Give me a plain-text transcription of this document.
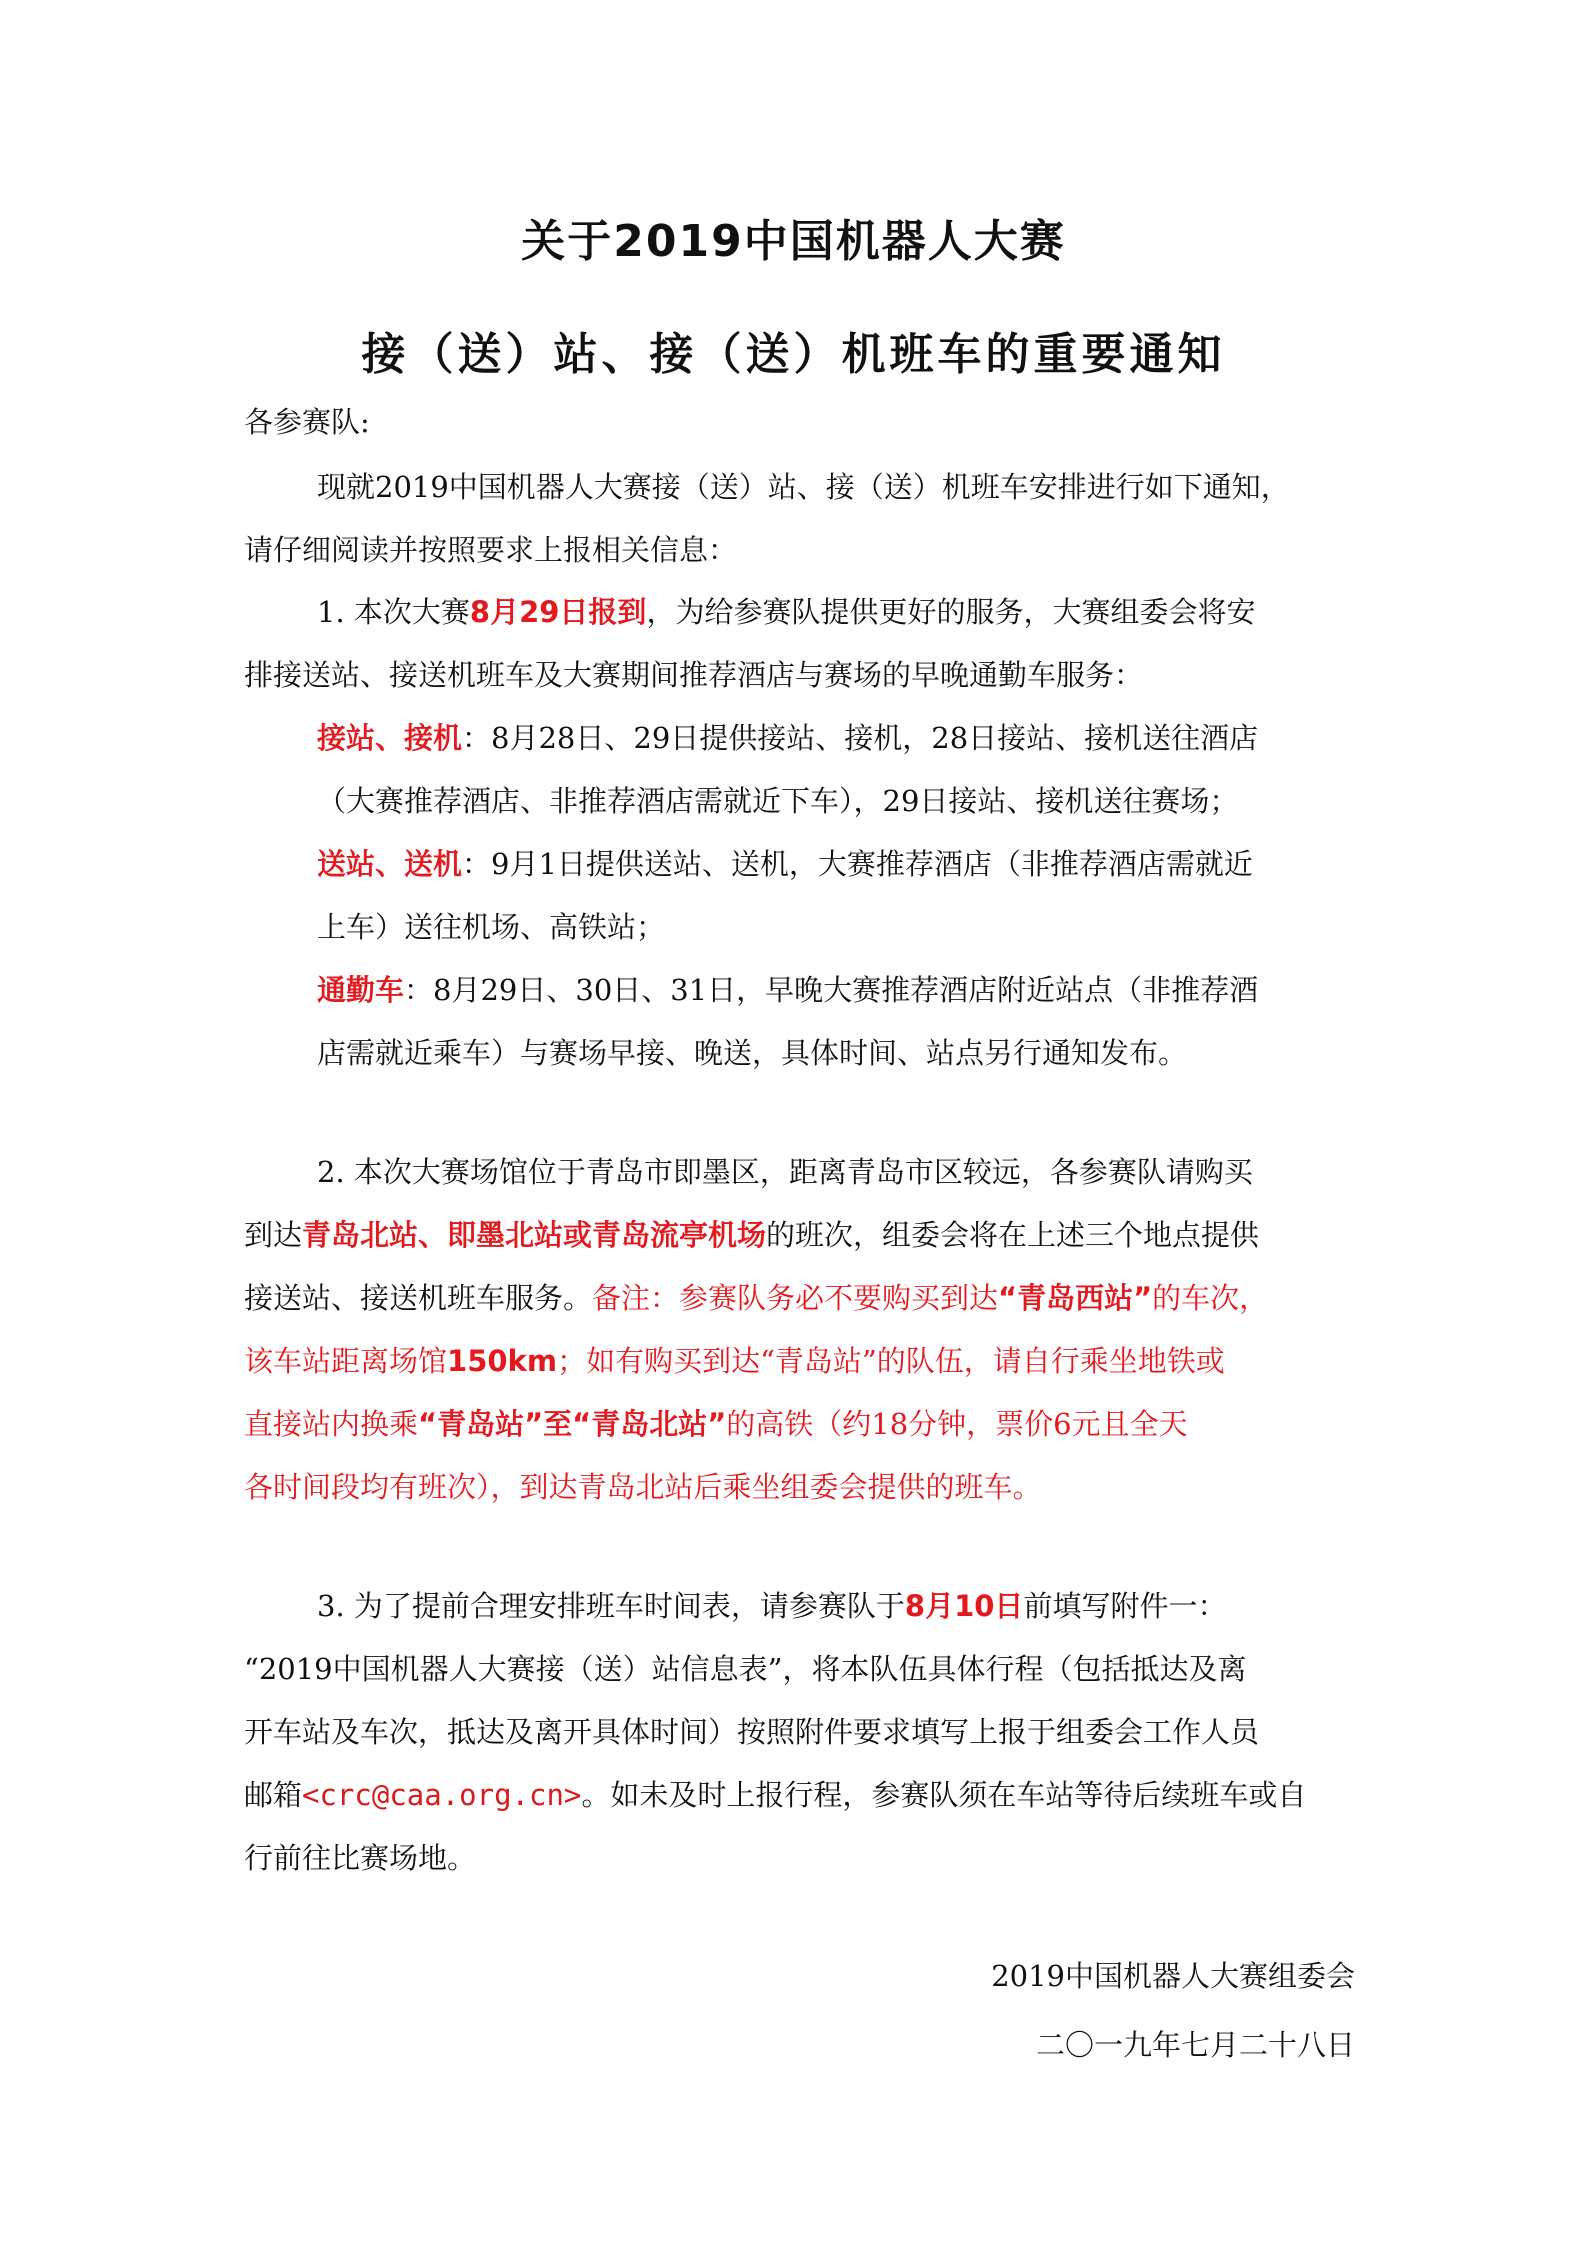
关于2019中国机器人大赛
接（送）站、接（送）机班车的重要通知
各参赛队:
现就2019中国机器人大赛接（送）站、接（送）机班车安排进行如下通知，
请仔细阅读并按照要求上报相关信息：
1. 本次大赛8月29日报到，为给参赛队提供更好的服务，大赛组委会将安
排接送站、接送机班车及大赛期间推荐酒店与赛场的早晚通勤车服务：
接站、接机：8月28日、29日提供接站、接机，28日接站、接机送往酒店
（大赛推荐酒店、非推荐酒店需就近下车），29日接站、接机送往赛场；
送站、送机：9月1日提供送站、送机，大赛推荐酒店（非推荐酒店需就近
上车）送往机场、高铁站；
通勤车：8月29日、30日、31日，早晚大赛推荐酒店附近站点（非推荐酒
店需就近乘车）与赛场早接、晚送，具体时间、站点另行通知发布。
2. 本次大赛场馆位于青岛市即墨区，距离青岛市区较远，各参赛队请购买
到达青岛北站、即墨北站或青岛流亭机场的班次，组委会将在上述三个地点提供
接送站、接送机班车服务。备注：参赛队务必不要购买到达“青岛西站”的车次，
该车站距离场馆150km；如有购买到达“青岛站”的队伍，请自行乘坐地铁或
直接站内换乘“青岛站”至“青岛北站”的高铁（约18分钟，票价6元且全天
各时间段均有班次），到达青岛北站后乘坐组委会提供的班车。
3. 为了提前合理安排班车时间表，请参赛队于8月10日前填写附件一：
“2019中国机器人大赛接（送）站信息表”，将本队伍具体行程（包括抵达及离
开车站及车次，抵达及离开具体时间）按照附件要求填写上报于组委会工作人员
邮箱<crc@caa.org.cn>。如未及时上报行程，参赛队须在车站等待后续班车或自
行前往比赛场地。
2019中国机器人大赛组委会
二〇一九年七月二十八日
